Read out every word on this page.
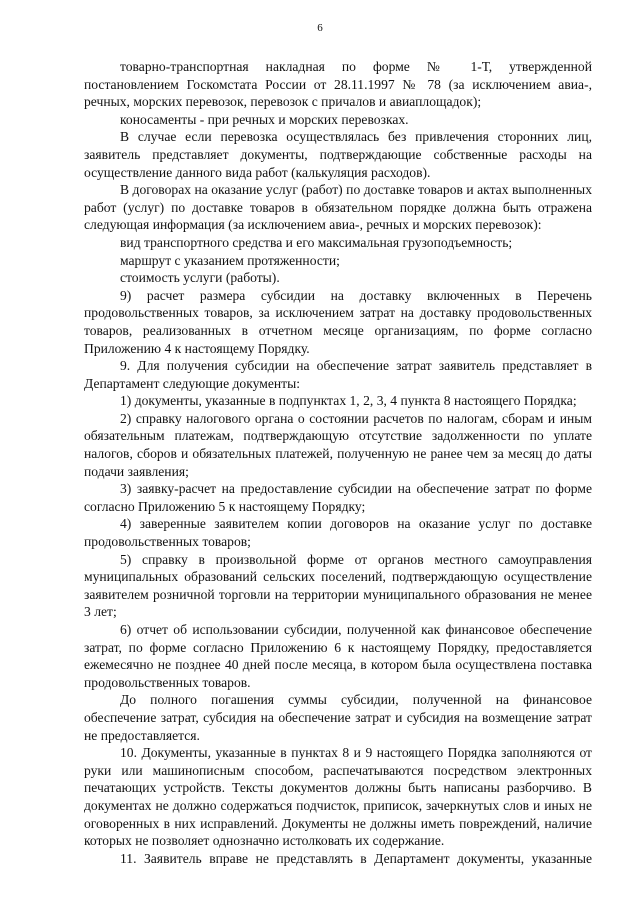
6

товарно-транспортная накладная по форме № 1-Т, утвержденной постановлением Госкомстата России от 28.11.1997 № 78 (за исключением авиа-, речных, морских перевозок, перевозок с причалов и авиаплощадок);

коносаменты - при речных и морских перевозках.

В случае если перевозка осуществлялась без привлечения сторонних лиц, заявитель представляет документы, подтверждающие собственные расходы на осуществление данного вида работ (калькуляция расходов).

В договорах на оказание услуг (работ) по доставке товаров и актах выполненных работ (услуг) по доставке товаров в обязательном порядке должна быть отражена следующая информация (за исключением авиа-, речных и морских перевозок):

вид транспортного средства и его максимальная грузоподъемность;

маршрут с указанием протяженности;

стоимость услуги (работы).

9) расчет размера субсидии на доставку включенных в Перечень продовольственных товаров, за исключением затрат на доставку продовольственных товаров, реализованных в отчетном месяце организациям, по форме согласно Приложению 4 к настоящему Порядку.

9. Для получения субсидии на обеспечение затрат заявитель представляет в Департамент следующие документы:

1) документы, указанные в подпунктах 1, 2, 3, 4 пункта 8 настоящего Порядка;

2) справку налогового органа о состоянии расчетов по налогам, сборам и иным обязательным платежам, подтверждающую отсутствие задолженности по уплате налогов, сборов и обязательных платежей, полученную не ранее чем за месяц до даты подачи заявления;

3) заявку-расчет на предоставление субсидии на обеспечение затрат по форме согласно Приложению 5 к настоящему Порядку;

4) заверенные заявителем копии договоров на оказание услуг по доставке продовольственных товаров;

5) справку в произвольной форме от органов местного самоуправления муниципальных образований сельских поселений, подтверждающую осуществление заявителем розничной торговли на территории муниципального образования не менее 3 лет;

6) отчет об использовании субсидии, полученной как финансовое обеспечение затрат, по форме согласно Приложению 6 к настоящему Порядку, предоставляется ежемесячно не позднее 40 дней после месяца, в котором была осуществлена поставка продовольственных товаров.

До полного погашения суммы субсидии, полученной на финансовое обеспечение затрат, субсидия на обеспечение затрат и субсидия на возмещение затрат не предоставляется.

10. Документы, указанные в пунктах 8 и 9 настоящего Порядка заполняются от руки или машинописным способом, распечатываются посредством электронных печатающих устройств. Тексты документов должны быть написаны разборчиво. В документах не должно содержаться подчисток, приписок, зачеркнутых слов и иных не оговоренных в них исправлений. Документы не должны иметь повреждений, наличие которых не позволяет однозначно истолковать их содержание.

11. Заявитель вправе не представлять в Департамент документы, указанные
